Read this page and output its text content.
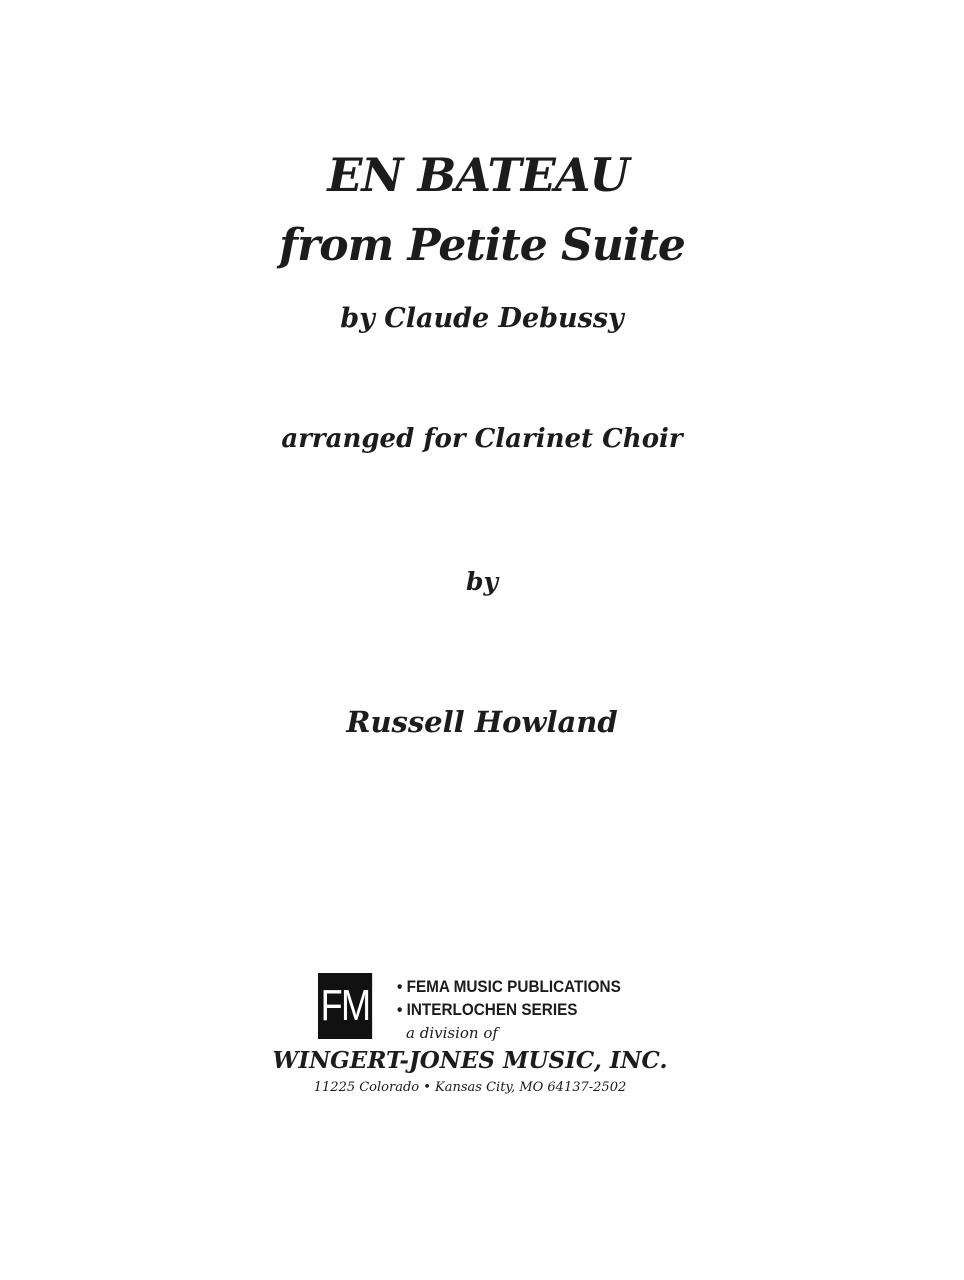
EN BATEAU
from Petite Suite
by Claude Debussy
arranged for Clarinet Choir
by
Russell Howland
FM • FEMA MUSIC PUBLICATIONS
• INTERLOCHEN SERIES
a division of
WINGERT-JONES MUSIC, INC.
11225 Colorado • Kansas City, MO 64137-2502
